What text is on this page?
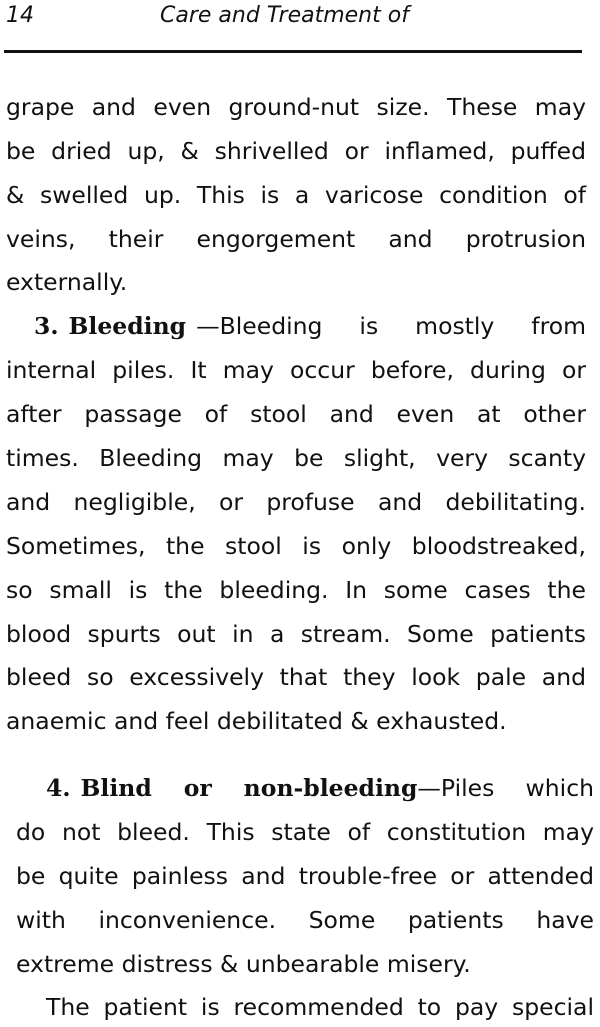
14	Care and Treatment of
grape and even ground-nut size. These may
be dried up, & shrivelled or inflamed, puffed
& swelled up. This is a varicose condition of
veins, their engorgement and protrusion
externally.
3. Bleeding —Bleeding is mostly from
internal piles. It may occur before, during or
after passage of stool and even at other
times. Bleeding may be slight, very scanty
and negligible, or profuse and debilitating.
Sometimes, the stool is only bloodstreaked,
so small is the bleeding. In some cases the
blood spurts out in a stream. Some patients
bleed so excessively that they look pale and
anaemic and feel debilitated & exhausted.
4. Blind or non-bleeding—Piles which
do not bleed. This state of constitution may
be quite painless and trouble-free or attended
with inconvenience. Some patients have
extreme distress & unbearable misery.
The patient is recommended to pay special
